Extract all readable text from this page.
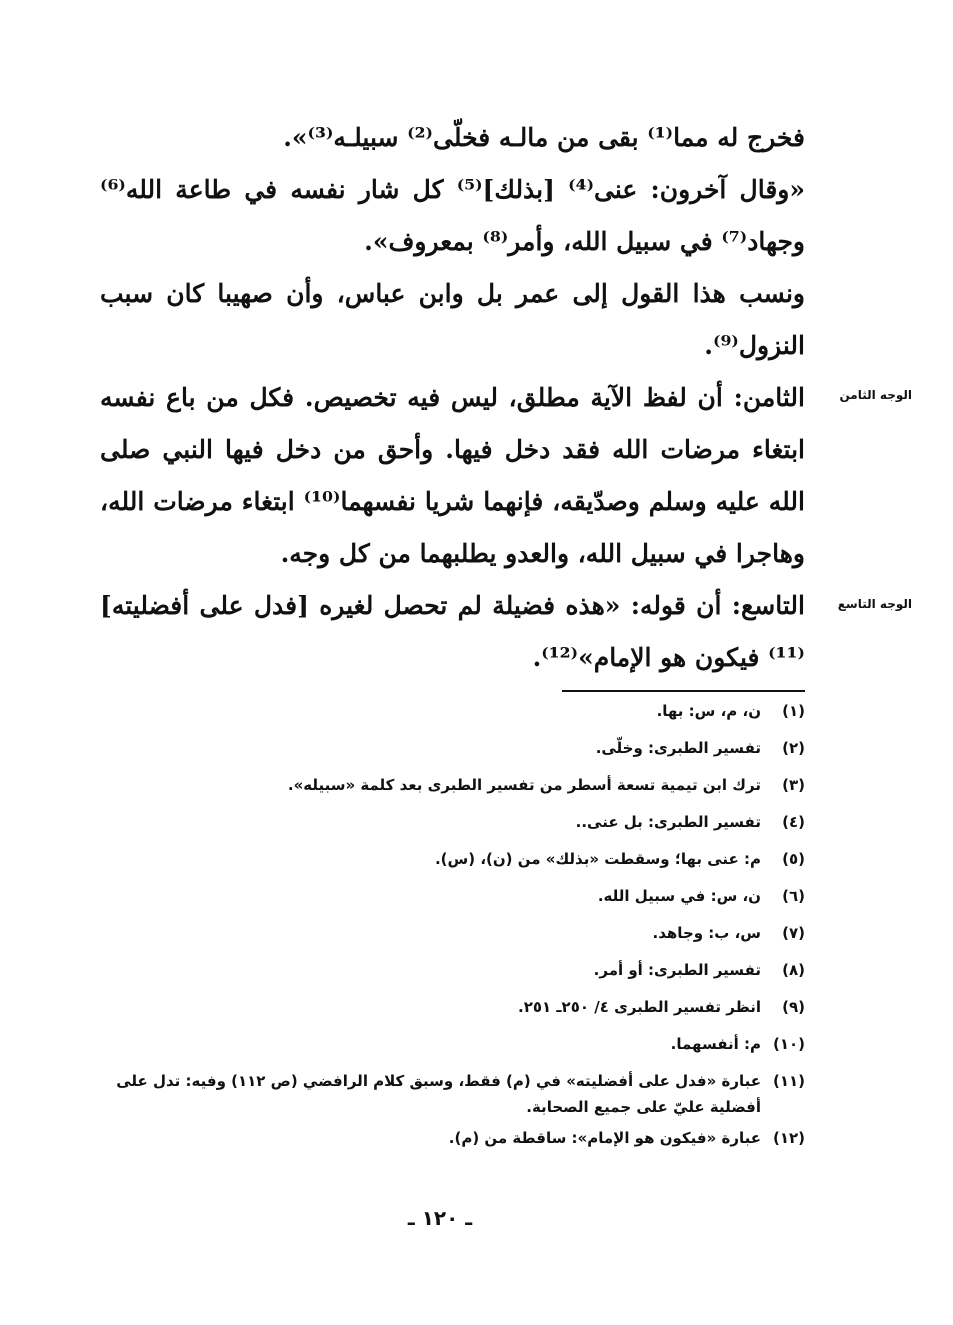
فخرج له مما⁽¹⁾ بقى من مالـه فخلّى⁽²⁾ سبيلـه⁽³⁾».

«وقال آخرون: عنى⁽⁴⁾ [بذلك]⁽⁵⁾ كل شار نفسه في طاعة الله⁽⁶⁾ وجهاد⁽⁷⁾ في سبيل الله، وأمر⁽⁸⁾ بمعروف».

ونسب هذا القول إلى عمر بل وابن عباس، وأن صهيبا كان سبب النزول⁽⁹⁾.

الثامن: أن لفظ الآية مطلق، ليس فيه تخصيص. فكل من باع نفسه ابتغاء مرضات الله فقد دخل فيها. وأحق من دخل فيها النبي صلى الله عليه وسلم وصدّيقه، فإنهما شريا نفسهما⁽¹⁰⁾ ابتغاء مرضات الله، وهاجرا في سبيل الله، والعدو يطلبهما من كل وجه.

التاسع: أن قوله: «هذه فضيلة لم تحصل لغيره [فدل على أفضليته]⁽¹¹⁾ فيكون هو الإمام»⁽¹²⁾.

الوجه الثامن
الوجه التاسع
(١)
ن، م، س: بها.
(٢)
تفسير الطبرى: وخلّى.
(٣)
ترك ابن تيمية تسعة أسطر من تفسير الطبرى بعد كلمة «سبيله».
(٤)
تفسير الطبرى: بل عنى..
(٥)
م: عنى بها؛ وسقطت «بذلك» من (ن)، (س).
(٦)
ن، س: في سبيل الله.
(٧)
س، ب: وجاهد.
(٨)
تفسير الطبرى: أو أمر.
(٩)
انظر تفسير الطبرى ٤/ ٢٥٠ـ ٢٥١.
(١٠)
م: أنفسهما.
(١١)
عبارة «فدل على أفضليته» في (م) فقط، وسبق كلام الرافضي (ص ١١٢) وفيه: تدل على أفضلية عليّ على جميع الصحابة.
(١٢)
عبارة «فيكون هو الإمام»: ساقطة من (م).
ـ ١٢٠ ـ
